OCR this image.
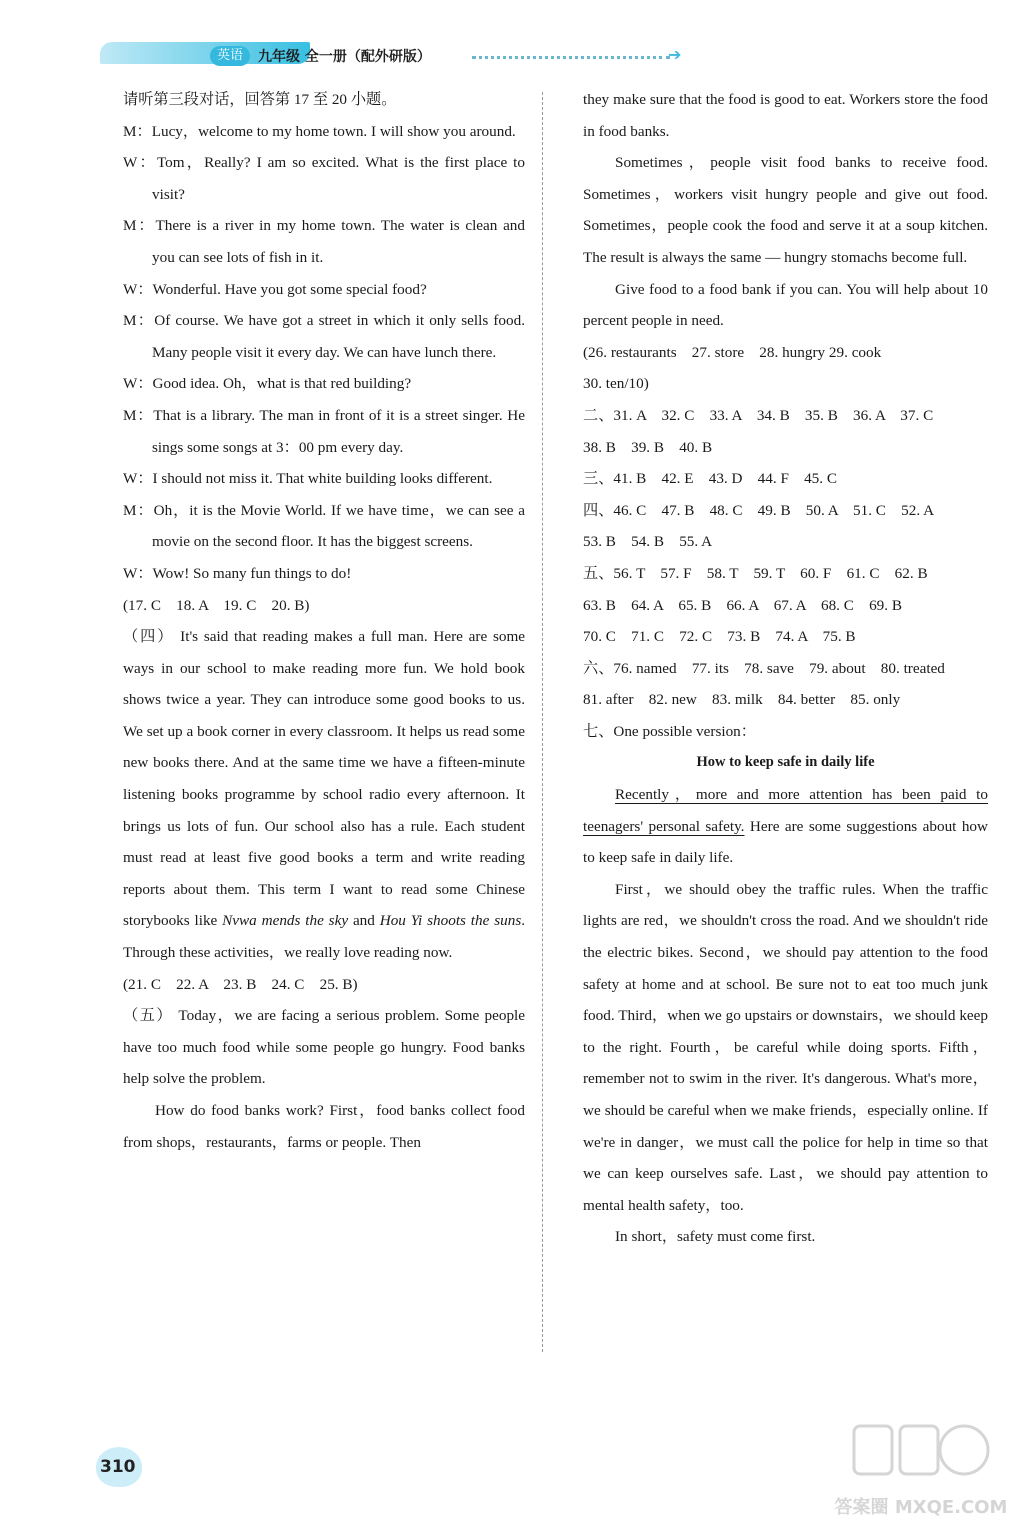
英语	九年级 全一册（配外研版）	➔

请听第三段对话，回答第 17 至 20 小题。

M：Lucy，welcome to my home town. I will show you around.

W：Tom，Really? I am so excited. What is the first place to visit?

M：There is a river in my home town. The water is clean and you can see lots of fish in it.

W：Wonderful. Have you got some special food?

M：Of course. We have got a street in which it only sells food. Many people visit it every day. We can have lunch there.

W：Good idea. Oh，what is that red building?

M：That is a library. The man in front of it is a street singer. He sings some songs at 3：00 pm every day.

W：I should not miss it. That white building looks different.

M：Oh，it is the Movie World. If we have time，we can see a movie on the second floor. It has the biggest screens.

W：Wow! So many fun things to do!

(17. C　18. A　19. C　20. B)

（四） It's said that reading makes a full man. Here are some ways in our school to make reading more fun. We hold book shows twice a year. They can introduce some good books to us. We set up a book corner in every classroom. It helps us read some new books there. And at the same time we have a fifteen-minute listening books programme by school radio every afternoon. It brings us lots of fun. Our school also has a rule. Each student must read at least five good books a term and write reading reports about them. This term I want to read some Chinese storybooks like Nvwa mends the sky and Hou Yi shoots the suns. Through these activities，we really love reading now.

(21. C　22. A　23. B　24. C　25. B)

（五） Today，we are facing a serious problem. Some people have too much food while some people go hungry. Food banks help solve the problem.

How do food banks work? First，food banks collect food from shops，restaurants，farms or people. Then

they make sure that the food is good to eat. Workers store the food in food banks.

Sometimes，people visit food banks to receive food. Sometimes，workers visit hungry people and give out food. Sometimes，people cook the food and serve it at a soup kitchen. The result is always the same — hungry stomachs become full.

Give food to a food bank if you can. You will help about 10 percent people in need.

(26. restaurants　27. store　28. hungry 29. cook

30. ten/10)

二、31. A　32. C　33. A　34. B　35. B　36. A　37. C

38. B　39. B　40. B

三、41. B　42. E　43. D　44. F　45. C

四、46. C　47. B　48. C　49. B　50. A　51. C　52. A

53. B　54. B　55. A

五、56. T　57. F　58. T　59. T　60. F　61. C　62. B

63. B　64. A　65. B　66. A　67. A　68. C　69. B

70. C　71. C　72. C　73. B　74. A　75. B

六、76. named　77. its　78. save　79. about　80. treated

81. after　82. new　83. milk　84. better　85. only

七、One possible version：

How to keep safe in daily life

Recently，more and more attention has been paid to teenagers' personal safety. Here are some suggestions about how to keep safe in daily life.

First，we should obey the traffic rules. When the traffic lights are red，we shouldn't cross the road. And we shouldn't ride the electric bikes. Second，we should pay attention to the food safety at home and at school. Be sure not to eat too much junk food. Third，when we go upstairs or downstairs，we should keep to the right. Fourth，be careful while doing sports. Fifth，remember not to swim in the river. It's dangerous. What's more，we should be careful when we make friends，especially online. If we're in danger，we must call the police for help in time so that we can keep ourselves safe. Last，we should pay attention to mental health safety，too.

In short，safety must come first.

310
答案圈 MXQE.COM
